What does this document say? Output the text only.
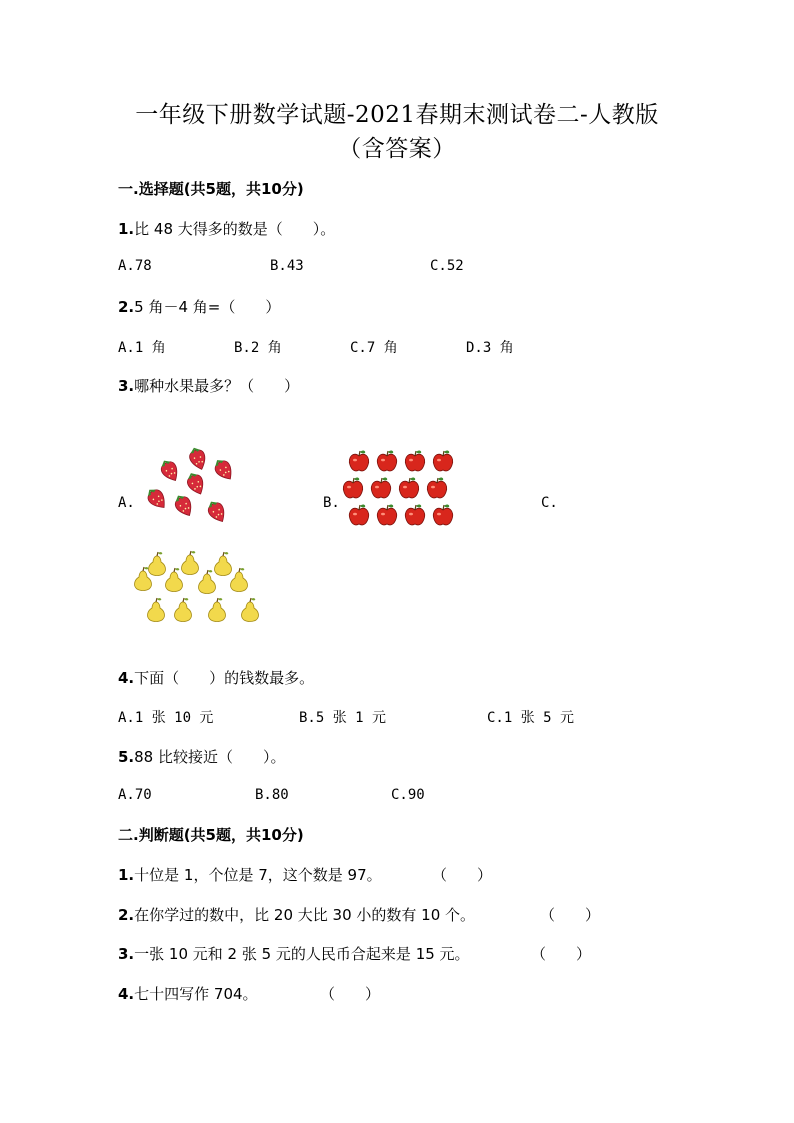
一年级下册数学试题-2021春期末测试卷二-人教版
（含答案）
一.选择题(共5题，共10分)
1.比 48 大得多的数是（　　）。
A.78	B.43	C.52
2.5 角－4 角=（　　）
A.1 角	B.2 角	C.7 角	D.3 角
3.哪种水果最多？（　　）
A.	B.	C.
4.下面（　　）的钱数最多。
A.1 张 10 元	B.5 张 1 元	C.1 张 5 元
5.88 比较接近（　　）。
A.70	B.80	C.90
二.判断题(共5题，共10分)
1.十位是 1，个位是 7，这个数是 97。	（　　）
2.在你学过的数中，比 20 大比 30 小的数有 10 个。	（　　）
3.一张 10 元和 2 张 5 元的人民币合起来是 15 元。	（　　）
4.七十四写作 704。	（　　）
